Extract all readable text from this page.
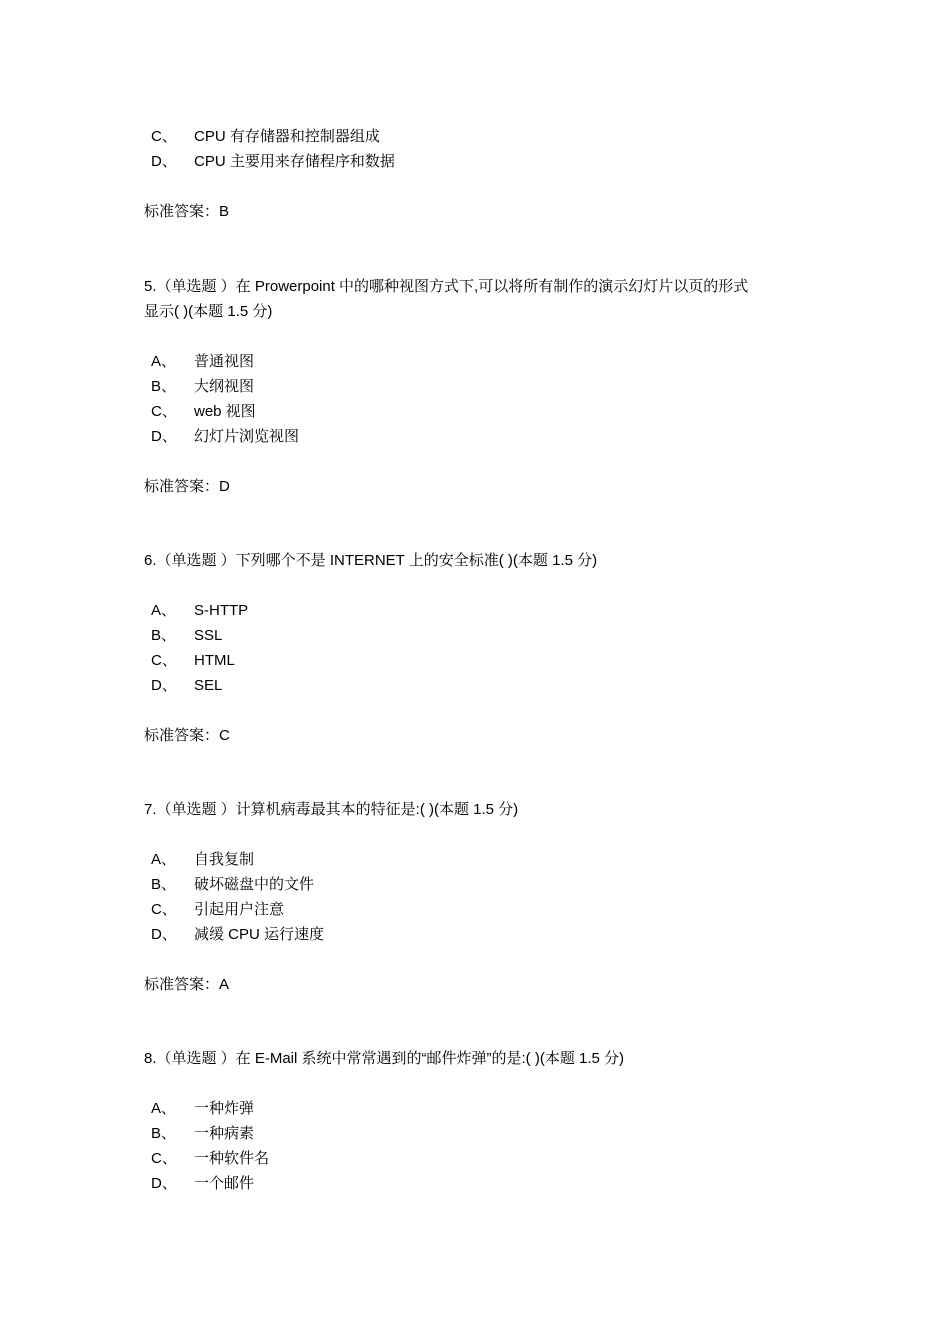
C、 CPU 有存储器和控制器组成
D、 CPU 主要用来存储程序和数据
标准答案：B
5.（单选题 ）在 Prowerpoint 中的哪种视图方式下,可以将所有制作的演示幻灯片以页的形式
显示( )(本题 1.5 分)
A、 普通视图
B、 大纲视图
C、 web 视图
D、 幻灯片浏览视图
标准答案：D
6.（单选题 ）下列哪个不是 INTERNET 上的安全标准( )(本题 1.5 分)
A、 S-HTTP
B、 SSL
C、 HTML
D、 SEL
标准答案：C
7.（单选题 ）计算机病毒最其本的特征是:( )(本题 1.5 分)
A、 自我复制
B、 破坏磁盘中的文件
C、 引起用户注意
D、 减缓 CPU 运行速度
标准答案：A
8.（单选题 ）在 E-Mail 系统中常常遇到的“邮件炸弹”的是:( )(本题 1.5 分)
A、 一种炸弹
B、 一种病素
C、 一种软件名
D、 一个邮件
